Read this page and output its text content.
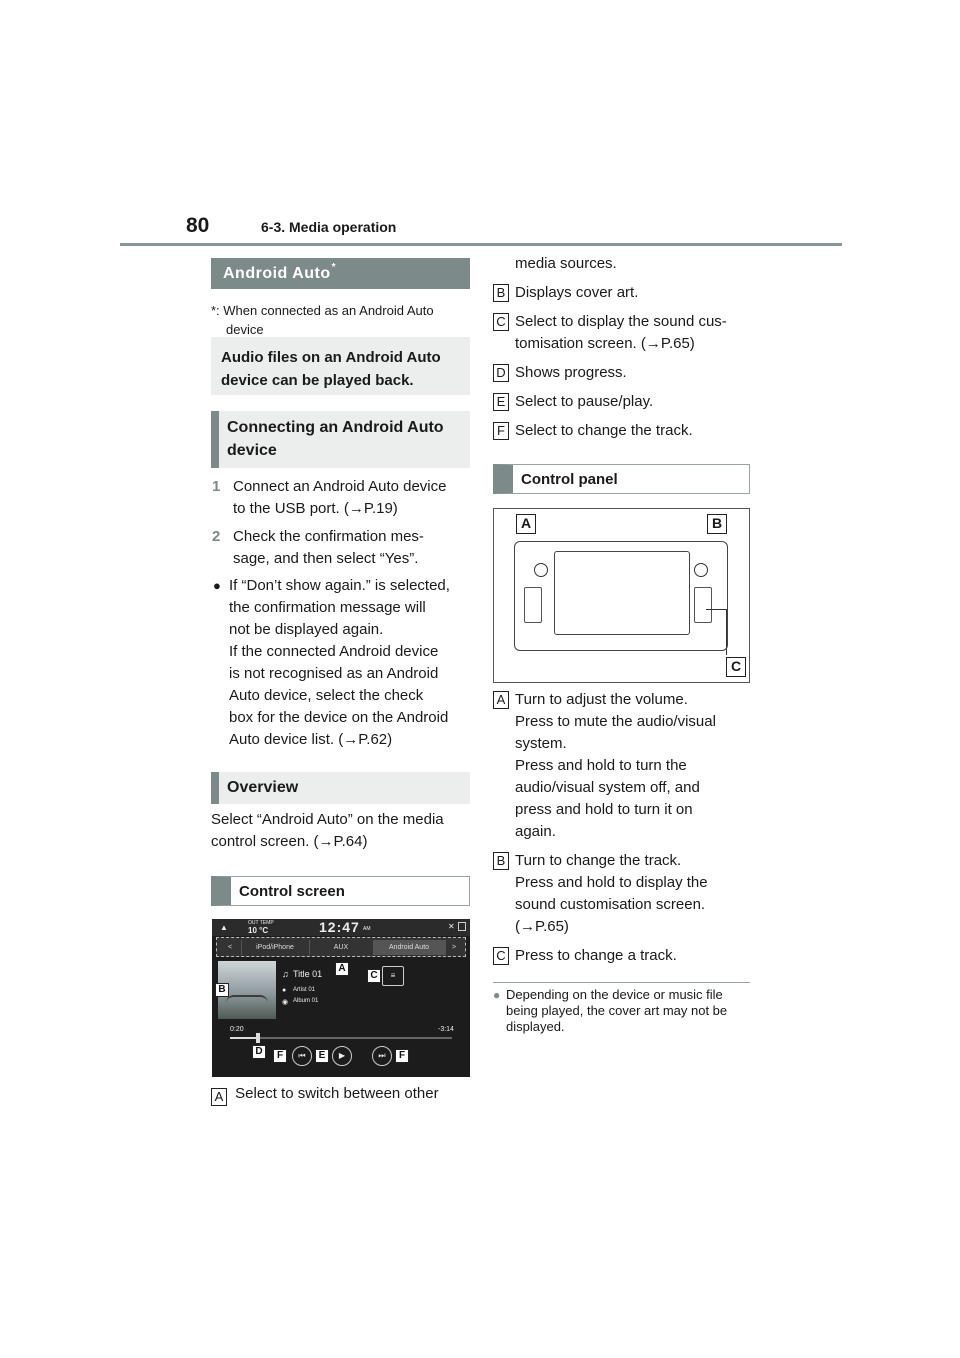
80	6-3. Media operation
Android Auto*
*: When connected as an Android Auto
device
Audio files on an Android Auto
device can be played back.
Connecting an Android Auto
device
1 Connect an Android Auto device
to the USB port. (→P.19)
2 Check the confirmation mes-
sage, and then select “Yes”.
● If “Don’t show again.” is selected,
the confirmation message will
not be displayed again.
If the connected Android device
is not recognised as an Android
Auto device, select the check
box for the device on the Android
Auto device list. (→P.62)
Overview
Select “Android Auto” on the media
control screen. (→P.64)
Control screen
▲	OUT TEMP
10 °C	12:47 AM	✕
<	iPod/iPhone	AUX	Android Auto	>
♫ Title 01
● Artist 01
◉ Album 01
≡
0:20	-3:14
⏮	▶	⏭
A
C
B
D	F	E	F
A Select to switch between other
media sources.
B Displays cover art.
C Select to display the sound cus-
tomisation screen. (→P.65)
D Shows progress.
E Select to pause/play.
F Select to change the track.
Control panel
A	B
C
A Turn to adjust the volume.
Press to mute the audio/visual
system.
Press and hold to turn the
audio/visual system off, and
press and hold to turn it on
again.
B Turn to change the track.
Press and hold to display the
sound customisation screen.
(→P.65)
C Press to change a track.
● Depending on the device or music file
being played, the cover art may not be
displayed.
